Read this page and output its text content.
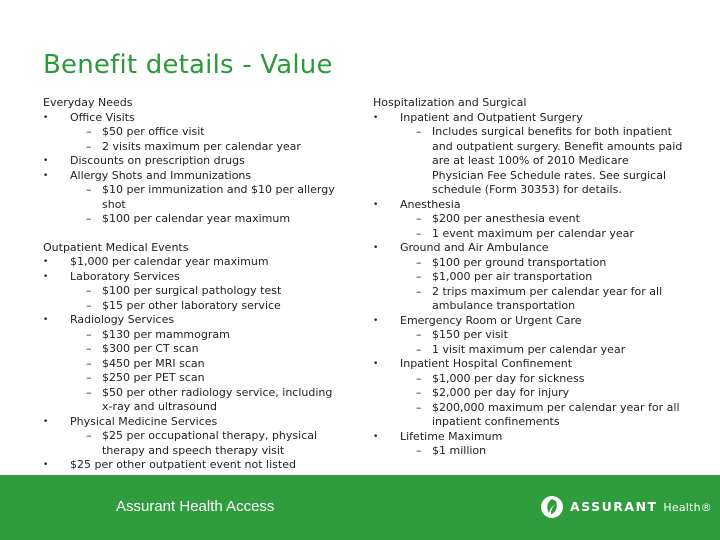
Benefit details - Value
Everyday Needs
• Office Visits
– $50 per office visit
– 2 visits maximum per calendar year
• Discounts on prescription drugs
• Allergy Shots and Immunizations
– $10 per immunization and $10 per allergy shot
– $100 per calendar year maximum
Outpatient Medical Events
• $1,000 per calendar year maximum
• Laboratory Services
– $100 per surgical pathology test
– $15 per other laboratory service
• Radiology Services
– $130 per mammogram
– $300 per CT scan
– $450 per MRI scan
– $250 per PET scan
– $50 per other radiology service, including x-ray and ultrasound
• Physical Medicine Services
– $25 per occupational therapy, physical therapy and speech therapy visit
• $25 per other outpatient event not listed
Hospitalization and Surgical
• Inpatient and Outpatient Surgery
– Includes surgical benefits for both inpatient and outpatient surgery. Benefit amounts paid are at least 100% of 2010 Medicare Physician Fee Schedule rates. See surgical schedule (Form 30353) for details.
• Anesthesia
– $200 per anesthesia event
– 1 event maximum per calendar year
• Ground and Air Ambulance
– $100 per ground transportation
– $1,000 per air transportation
– 2 trips maximum per calendar year for all ambulance transportation
• Emergency Room or Urgent Care
– $150 per visit
– 1 visit maximum per calendar year
• Inpatient Hospital Confinement
– $1,000 per day for sickness
– $2,000 per day for injury
– $200,000 maximum per calendar year for all inpatient confinements
• Lifetime Maximum
– $1 million
Assurant Health Access	ASSURANT Health®
